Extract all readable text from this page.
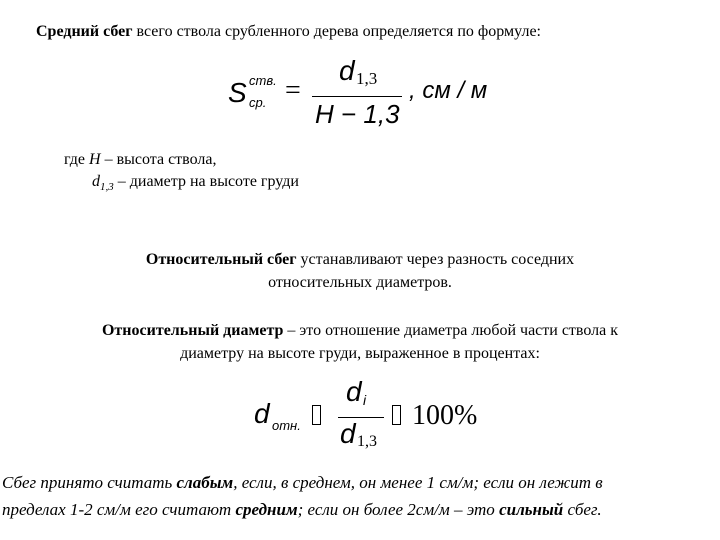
Средний сбег всего ствола срубленного дерева определяется по формуле:
S ств.
ср. =
d 1,3
H − 1,3
, см / м
где H – высота ствола,
$d_{1,3}$ – диаметр на высоте груди
Относительный сбег устанавливают через разность соседних
относительных диаметров.
Относительный диаметр – это отношение диаметра любой части ствола к
диаметру на высоте груди, выраженное в процентах:
d отн.
d i
d 1,3
100%
Сбег принято считать слабым, если, в среднем, он менее 1 см/м; если он лежит в
пределах 1-2 см/м его считают средним; если он более 2см/м – это сильный сбег.
